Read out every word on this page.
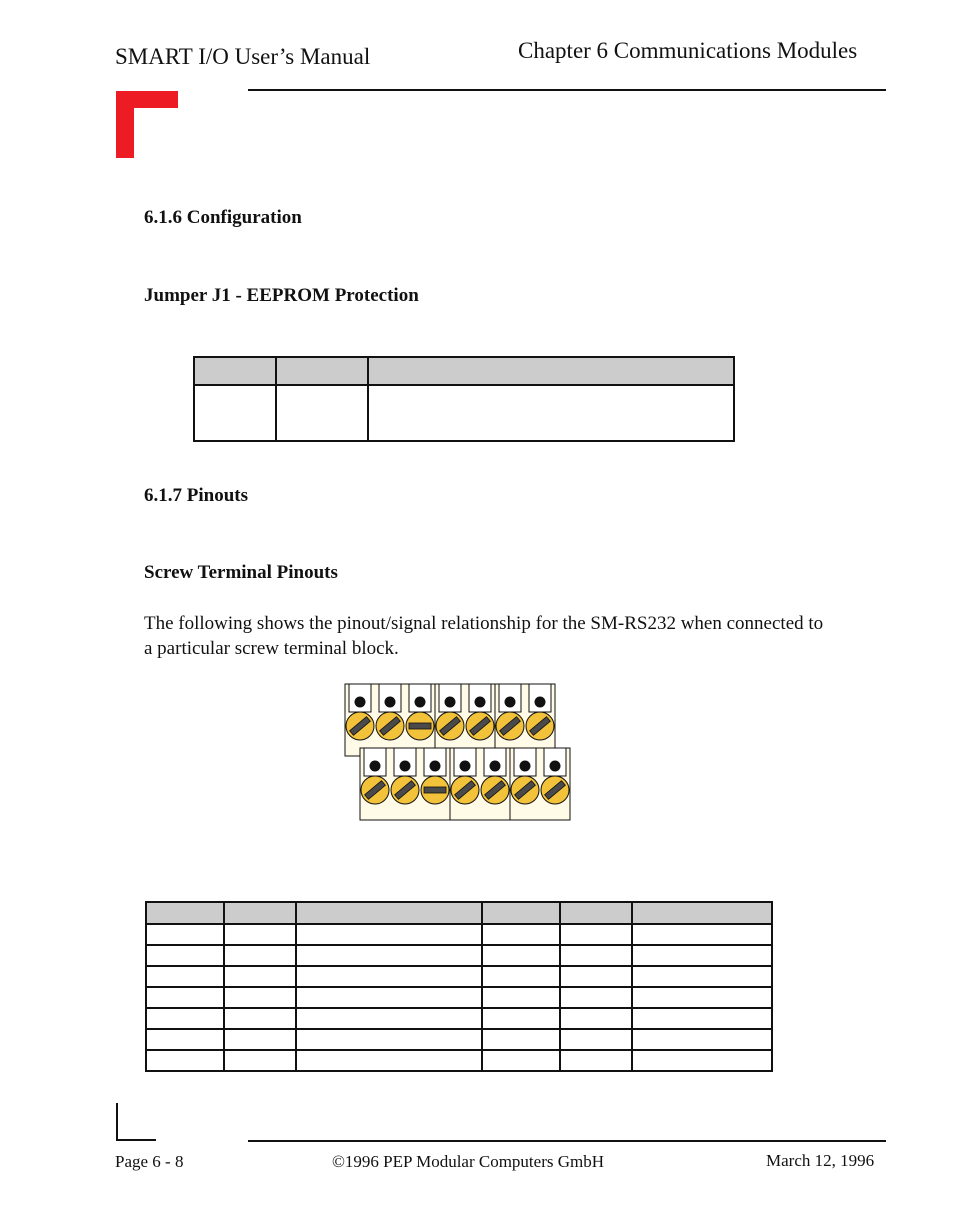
SMART I/O User’s Manual	Chapter 6 Communications Modules
6.1.6 Configuration
Jumper J1 - EEPROM Protection

6.1.7 Pinouts
Screw Terminal Pinouts
The following shows the pinout/signal relationship for the SM-RS232 when connected to a particular screw terminal block.

Page 6 - 8	©1996 PEP Modular Computers GmbH	March 12, 1996
